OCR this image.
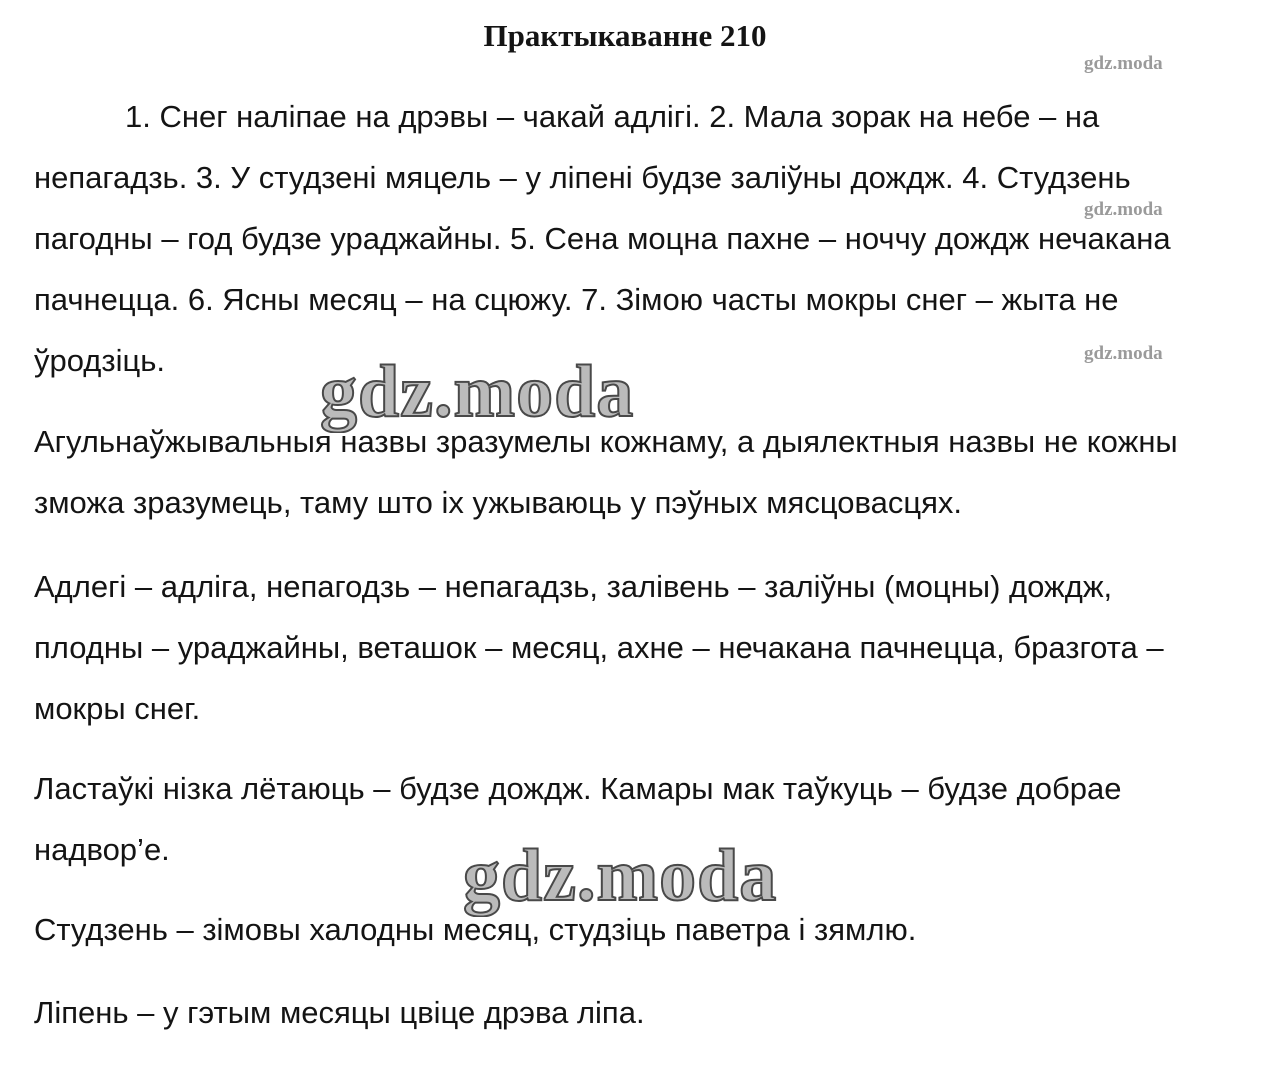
Практыкаванне 210

1. Снег наліпае на дрэвы – чакай адлігі. 2. Мала зорак на небе – на непагадзь. 3. У студзені мяцель – у ліпені будзе заліўны дождж. 4. Студзень пагодны – год будзе ураджайны. 5. Сена моцна пахне – ноччу дождж нечакана пачнецца. 6. Ясны месяц – на сцюжу. 7. Зімою часты мокры снег – жыта не ўродзіць.

Агульнаўжывальныя назвы зразумелы кожнаму, а дыялектныя назвы не кожны зможа зразумець, таму што іх ужываюць у пэўных мясцовасцях.

Адлегі – адліга, непагодзь – непагадзь, залівень – заліўны (моцны) дождж, плодны – ураджайны, веташок – месяц, ахне – нечакана пачнецца, бразгота – мокры снег.

Ластаўкі нізка лётаюць – будзе дождж. Камары мак таўкуць – будзе добрае надвор’е.

Студзень – зімовы халодны месяц, студзіць паветра і зямлю.

Ліпень – у гэтым месяцы цвіце дрэва ліпа.

gdz.moda
gdz.moda
gdz.moda
gdz.moda
gdz.moda
